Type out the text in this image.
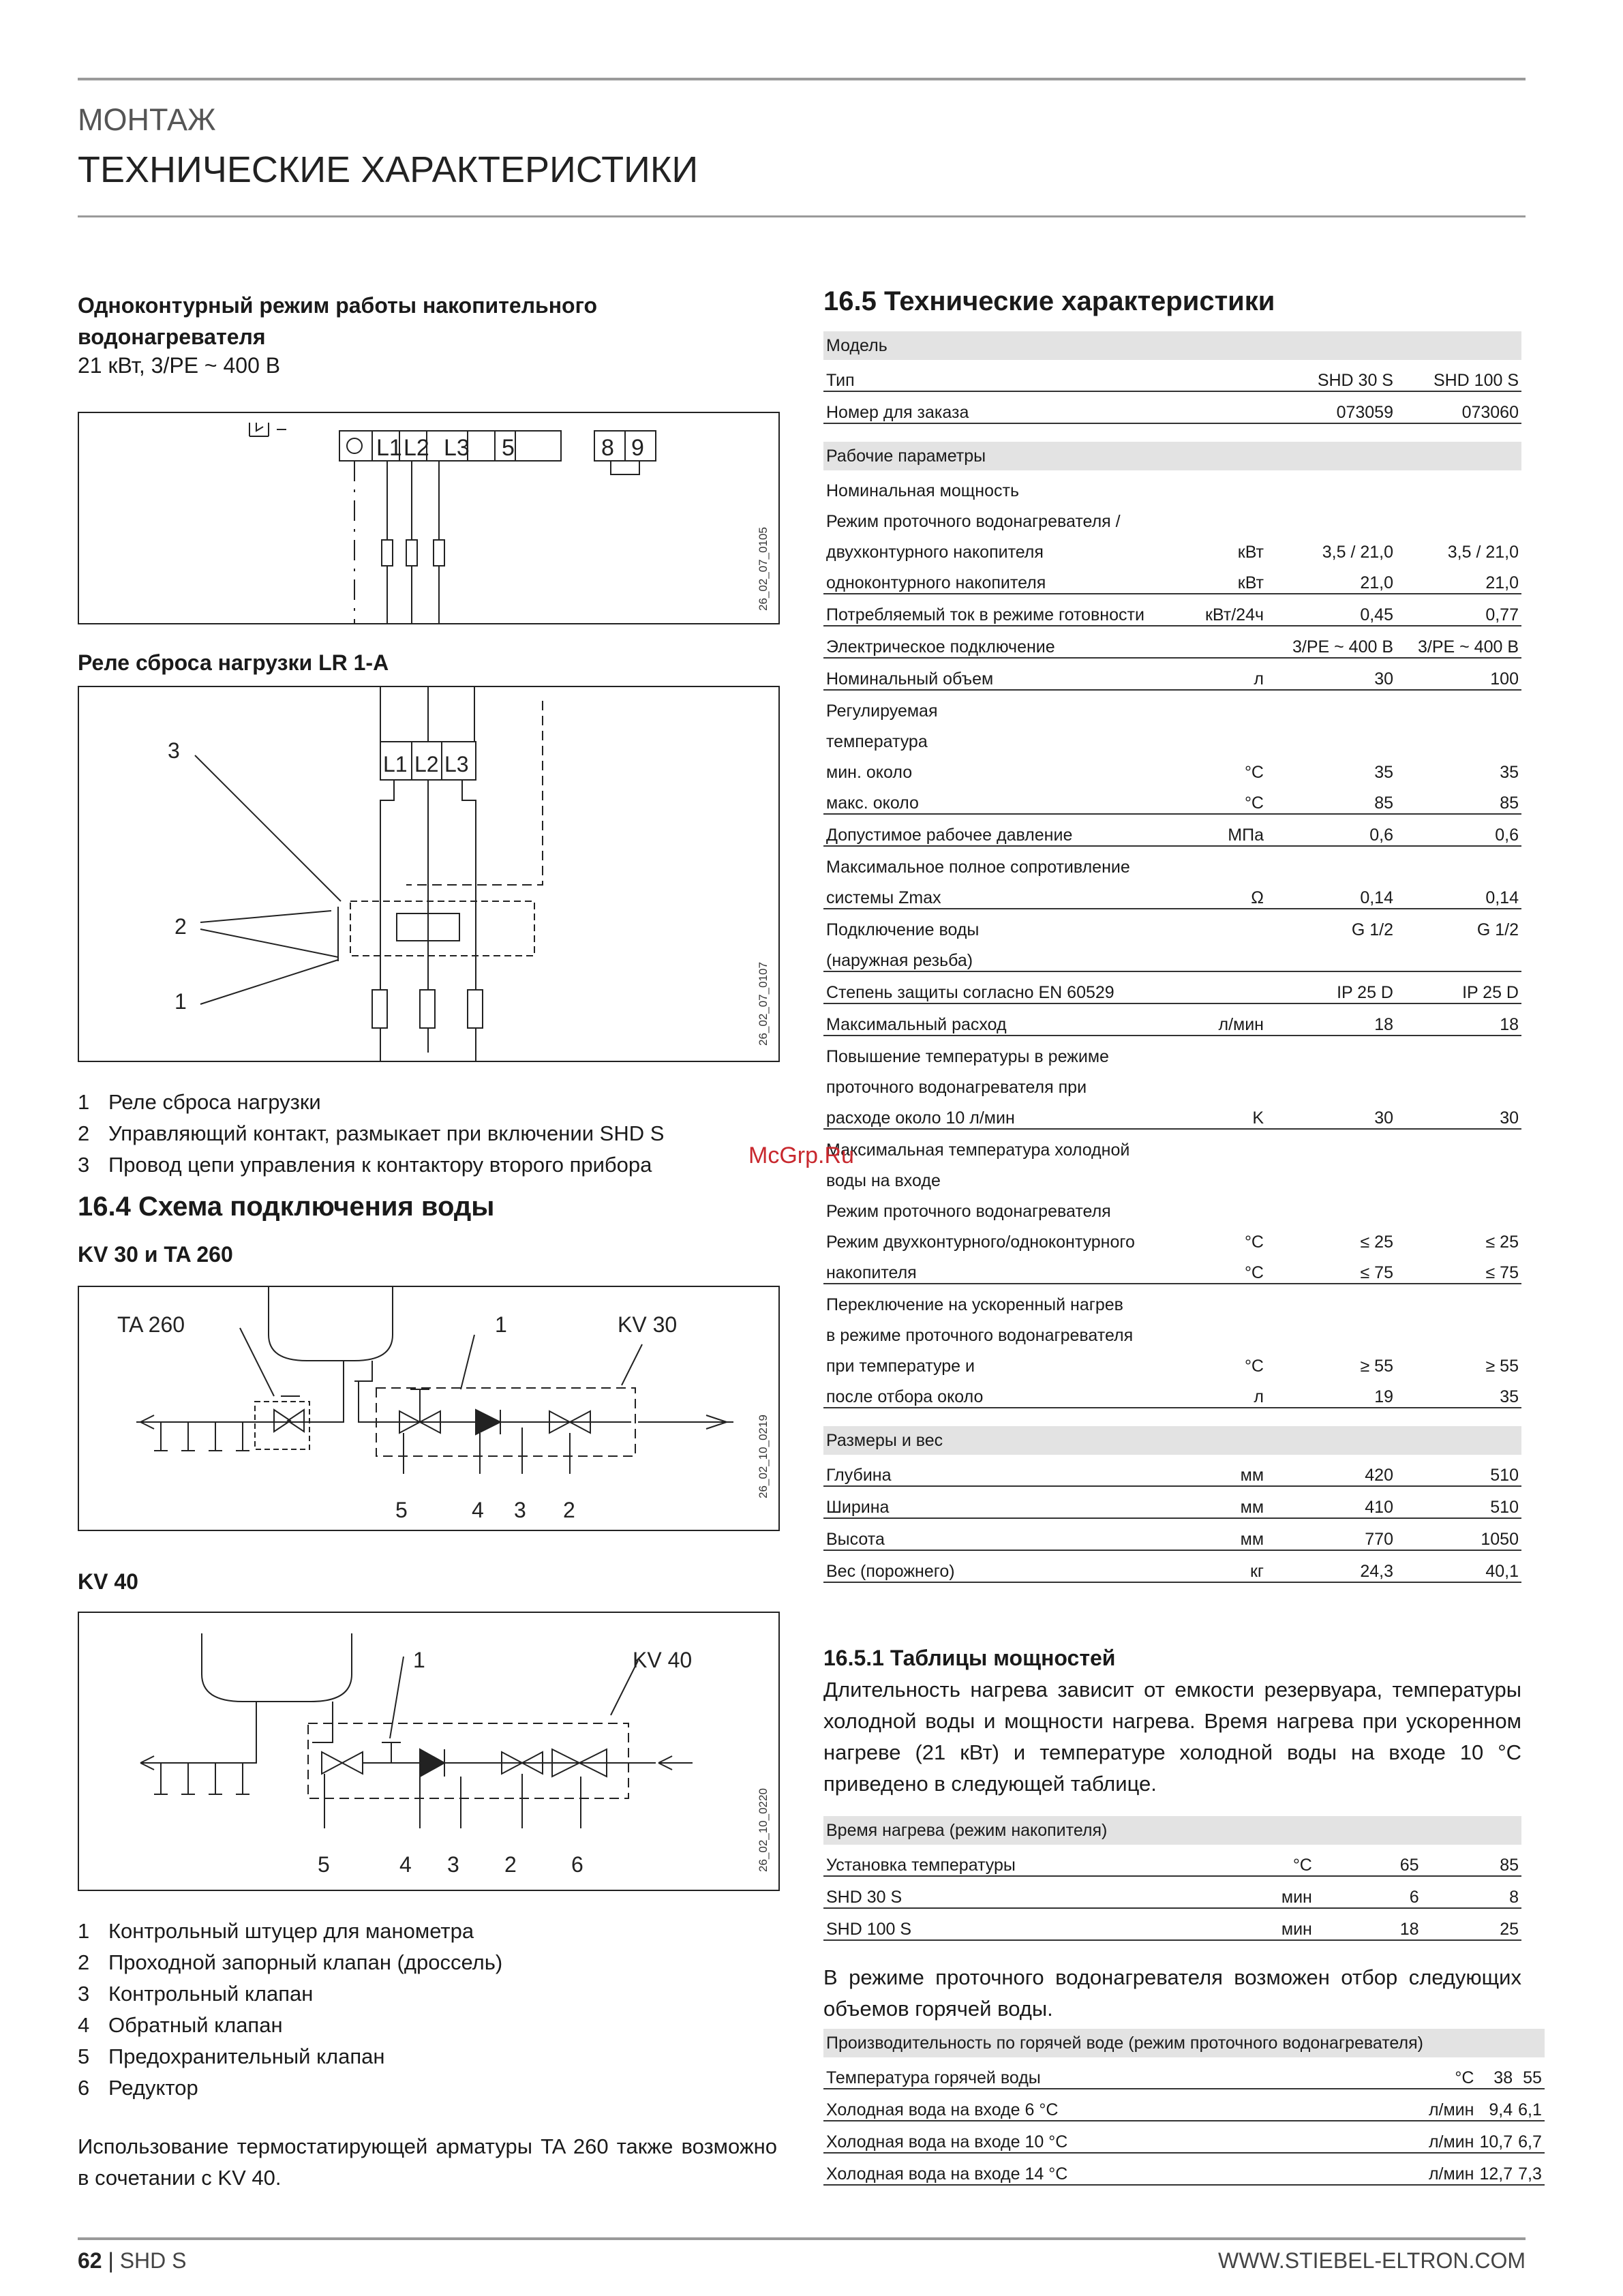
МОНТАЖ
ТЕХНИЧЕСКИЕ ХАРАКТЕРИСТИКИ
Одноконтурный режим работы накопительного водонагревателя
21 кВт, 3/PE ~ 400 В
L1 L2 L3 5	8 9
26_02_07_0105
Реле сброса нагрузки LR 1-A
3
2
1
L1 L2 L3
26_02_07_0107
1 Реле сброса нагрузки
2 Управляющий контакт, размыкает при включении SHD S
3 Провод цепи управления к контактору второго прибора
16.4 Схема подключения воды
KV 30 и TA 260
TA 260	KV 30
1
5	4 3 2
26_02_10_0219
KV 40
1	KV 40
5	4 3 2	6	26_02_10_0220
1 Контрольный штуцер для манометра
2 Проходной запорный клапан (дроссель)
3 Контрольный клапан
4 Обратный клапан
5 Предохранительный клапан
6 Редуктор
Использование термостатирующей арматуры TA 260 также возможно в сочетании с KV 40.
16.5 Технические характеристики
Модель			
Тип		SHD 30 S	SHD 100 S
Номер для заказа		073059	073060

Рабочие параметры			
Номинальная мощность			
Режим проточного водонагревателя /			
двухконтурного накопителя	кВт	3,5 / 21,0	3,5 / 21,0
одноконтурного накопителя	кВт	21,0	21,0
Потребляемый ток в режиме готовности	кВт/24ч	0,45	0,77
Электрическое подключение		3/PE ~ 400 В	3/PE ~ 400 В
Номинальный объем	л	30	100
Регулируемая			
температура			
мин. около	°C	35	35
макс. около	°C	85	85
Допустимое рабочее давление	МПа	0,6	0,6
Максимальное полное сопротивление			
системы Zmax	Ω	0,14	0,14
Подключение воды		G 1/2	G 1/2
(наружная резьба)			
Степень защиты согласно EN 60529		IP 25 D	IP 25 D
Максимальный расход	л/мин	18	18
Повышение температуры в режиме			
проточного водонагревателя при			
расходе около 10 л/мин	K	30	30
Максимальная температура холодной			
воды на входе			
Режим проточного водонагревателя			
Режим двухконтурного/одноконтурного	°C	≤ 25	≤ 25
накопителя	°C	≤ 75	≤ 75
Переключение на ускоренный нагрев			
в режиме проточного водонагревателя			
при температуре и	°C	≥ 55	≥ 55
после отбора около	л	19	35

Размеры и вес			
Глубина	мм	420	510
Ширина	мм	410	510
Высота	мм	770	1050
Вес (порожнего)	кг	24,3	40,1
16.5.1 Таблицы мощностей
Длительность нагрева зависит от емкости резервуара, температуры холодной воды и мощности нагрева. Время нагрева при ускоренном нагреве (21 кВт) и температуре холодной воды на входе 10 °C приведено в следующей таблице.
Время нагрева (режим накопителя)			
Установка температуры	°C	65	85
SHD 30 S	мин	6	8
SHD 100 S	мин	18	25
В режиме проточного водонагревателя возможен отбор следующих объемов горячей воды.
Производительность по горячей воде (режим проточного водонагревателя)			
Температура горячей воды	°C	38	55
Холодная вода на входе 6 °C	л/мин	9,4	6,1
Холодная вода на входе 10 °C	л/мин	10,7	6,7
Холодная вода на входе 14 °C	л/мин	12,7	7,3
McGrp.Ru
62 | SHD S	WWW.STIEBEL-ELTRON.COM
